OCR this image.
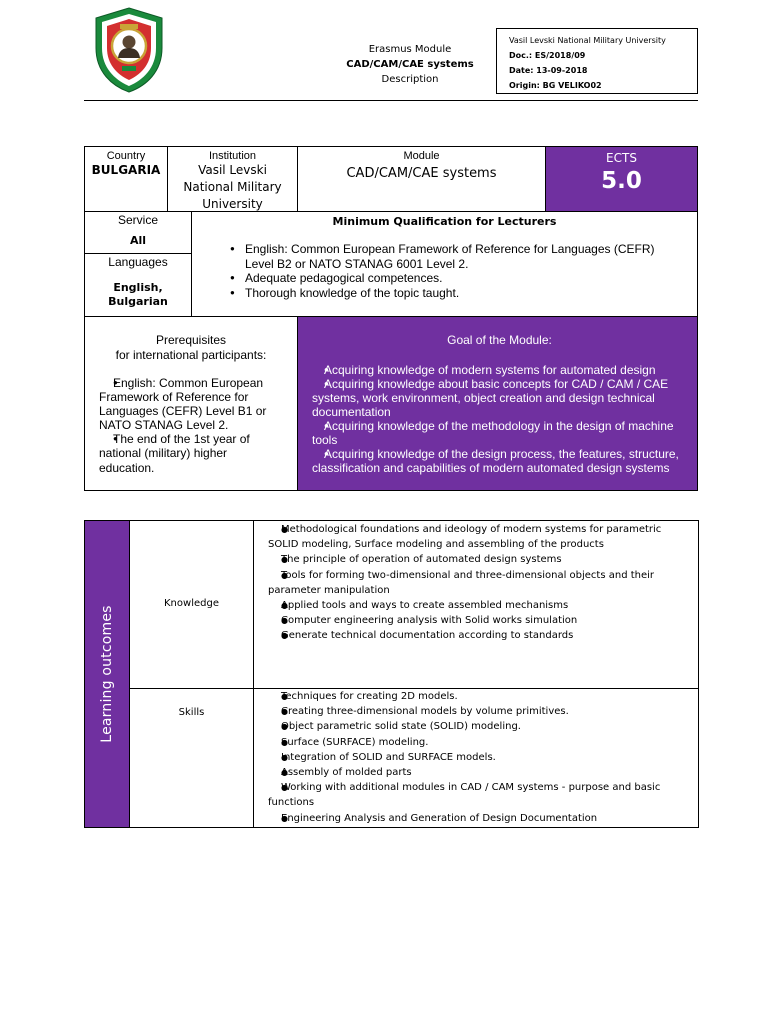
Erasmus Module
CAD/CAM/CAE systems
Description
Vasil Levski National Military University
Doc.: ES/2018/09
Date: 13-09-2018
Origin: BG VELIKO02
Country
BULGARIA
Institution
Vasil Levski
National Military
University
Module
CAD/CAM/CAE systems
ECTS
5.0
Service
All
Languages
English,
Bulgarian
Minimum Qualification for Lecturers
● English: Common European Framework of Reference for Languages (CEFR) Level B2 or NATO STANAG 6001 Level 2.
● Adequate pedagogical competences.
● Thorough knowledge of the topic taught.
Prerequisites
for international participants:
● English: Common European Framework of Reference for Languages (CEFR) Level B1 or NATO STANAG Level 2.
● The end of the 1st year of national (military) higher education.
Goal of the Module:
● Acquiring knowledge of modern systems for automated design
● Acquiring knowledge about basic concepts for CAD / CAM / CAE systems, work environment, object creation and design technical documentation
● Acquiring knowledge of the methodology in the design of machine tools
● Acquiring knowledge of the design process, the features, structure, classification and capabilities of modern automated design systems
Learning outcomes
Knowledge
● Methodological foundations and ideology of modern systems for parametric SOLID modeling, Surface modeling and assembling of the products
● The principle of operation of automated design systems
● Tools for forming two-dimensional and three-dimensional objects and their parameter manipulation
● Applied tools and ways to create assembled mechanisms
● Computer engineering analysis with Solid works simulation
● Generate technical documentation according to standards
Skills
● Techniques for creating 2D models.
● Creating three-dimensional models by volume primitives.
● Object parametric solid state (SOLID) modeling.
● Surface (SURFACE) modeling.
● Integration of SOLID and SURFACE models.
● Assembly of molded parts
● Working with additional modules in CAD / CAM systems - purpose and basic functions
● Engineering Analysis and Generation of Design Documentation
